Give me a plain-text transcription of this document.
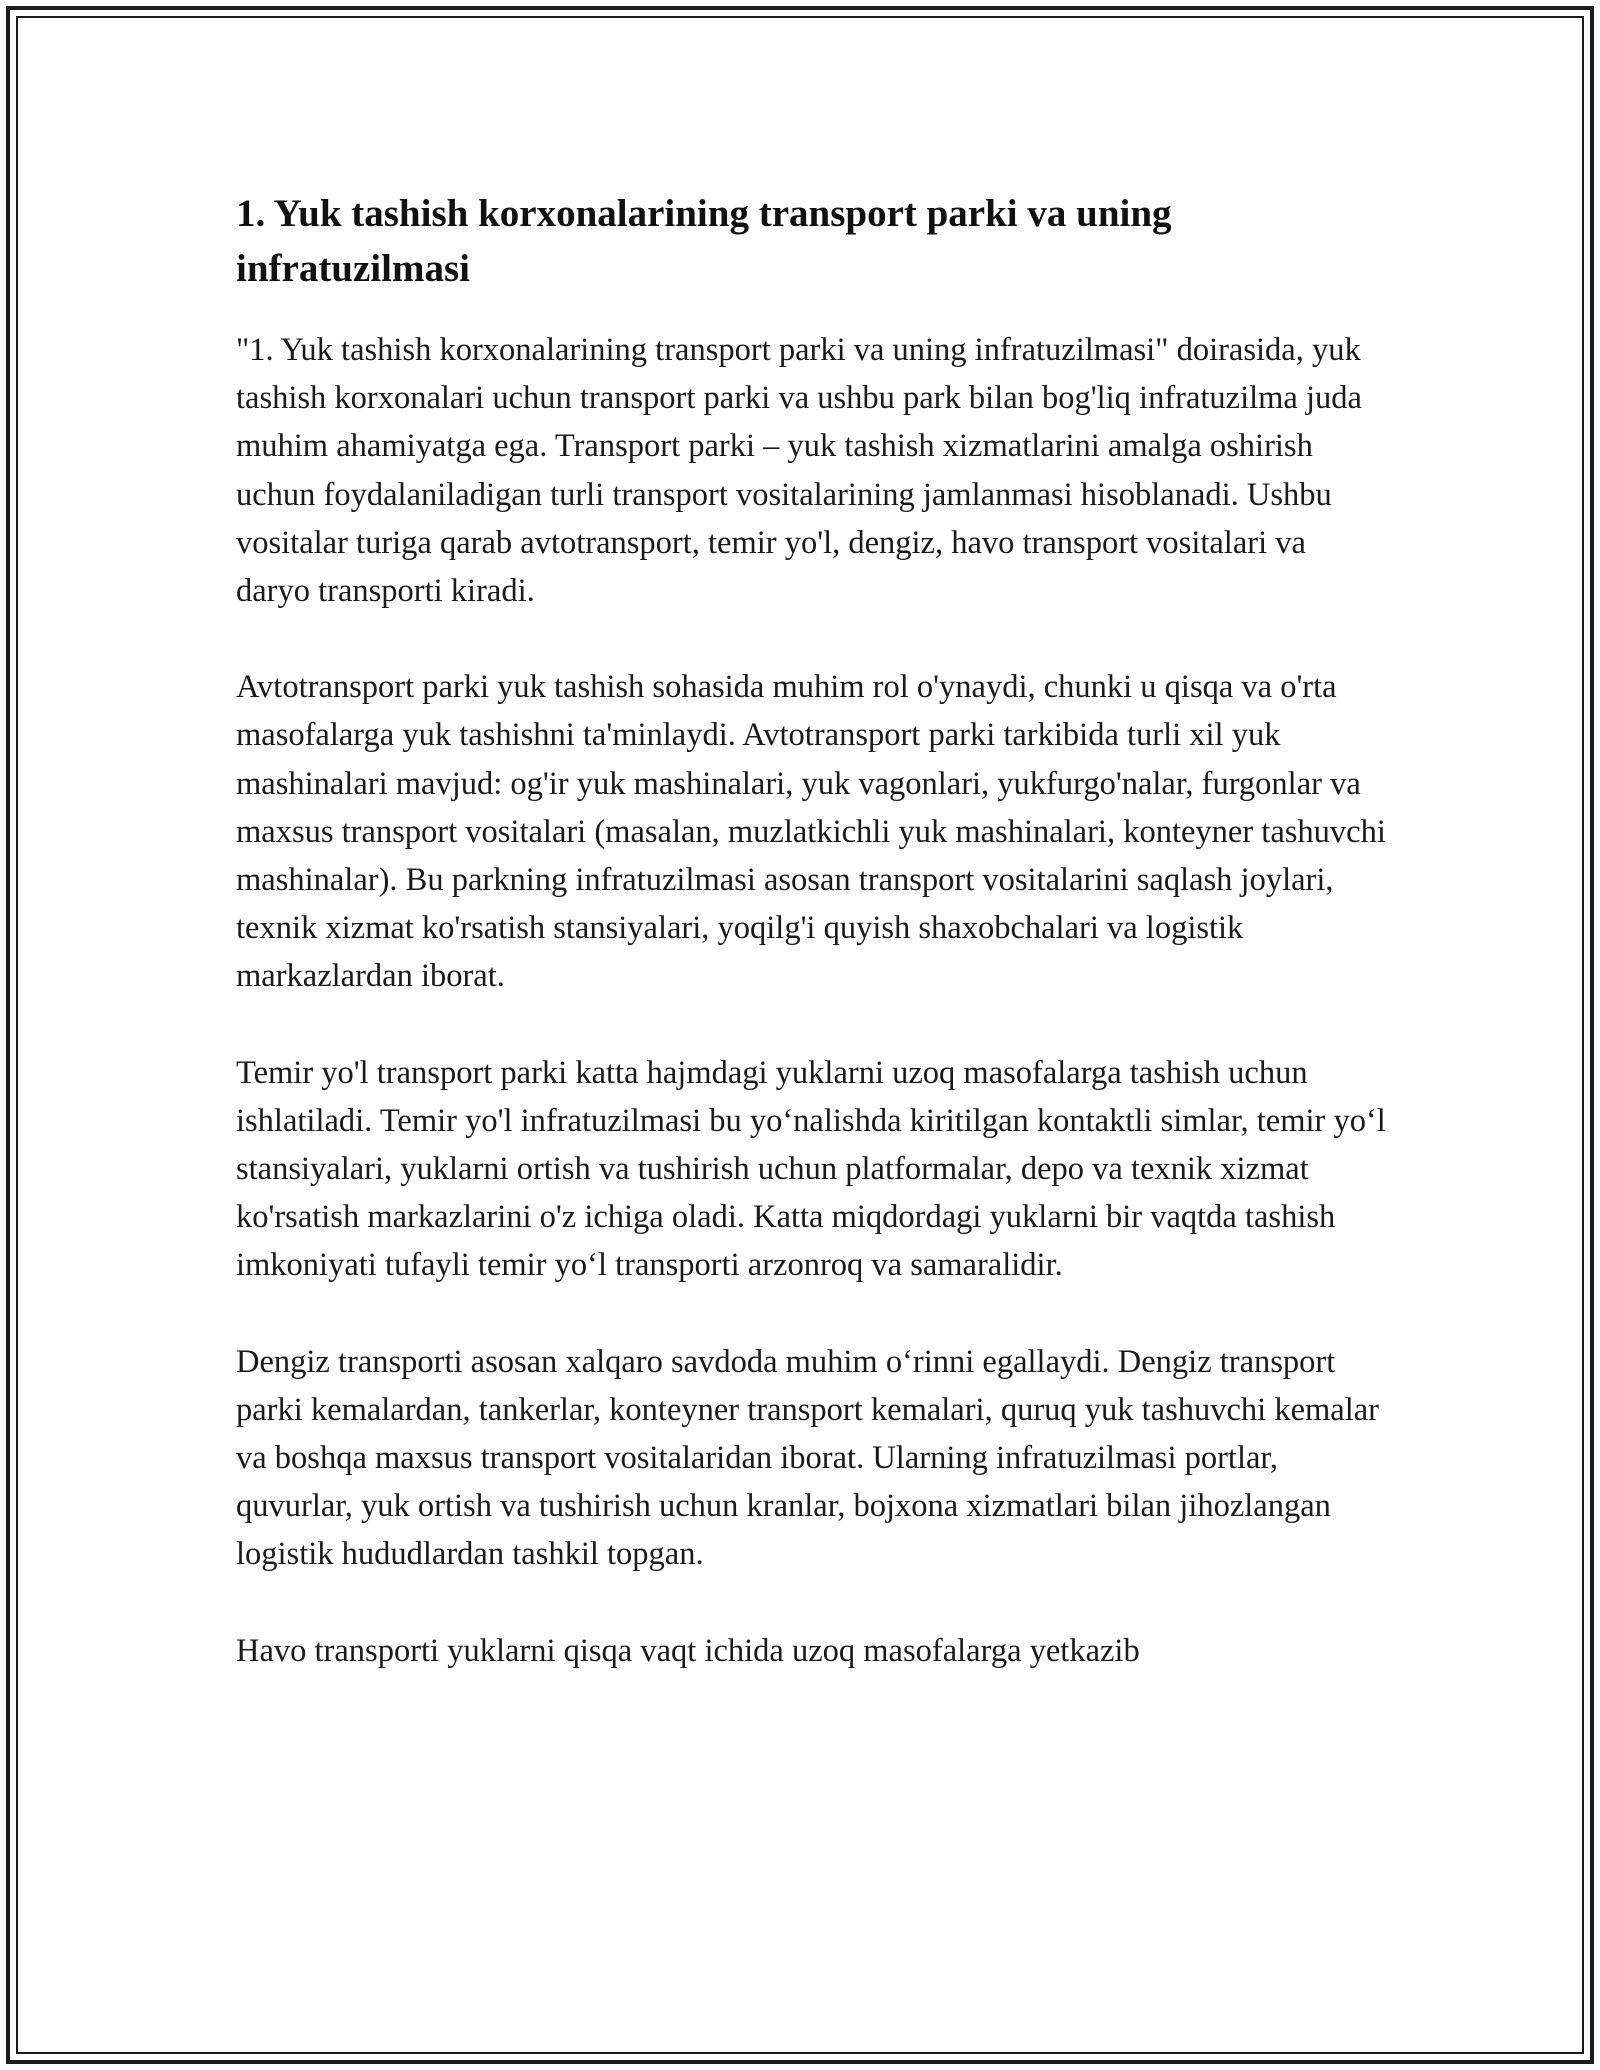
1. Yuk tashish korxonalarining transport parki va uning infratuzilmasi

"1. Yuk tashish korxonalarining transport parki va uning infratuzilmasi" doirasida, yuk tashish korxonalari uchun transport parki va ushbu park bilan bog'liq infratuzilma juda muhim ahamiyatga ega. Transport parki – yuk tashish xizmatlarini amalga oshirish uchun foydalaniladigan turli transport vositalarining jamlanmasi hisoblanadi. Ushbu vositalar turiga qarab avtotransport, temir yo'l, dengiz, havo transport vositalari va daryo transporti kiradi.

Avtotransport parki yuk tashish sohasida muhim rol o'ynaydi, chunki u qisqa va o'rta masofalarga yuk tashishni ta'minlaydi. Avtotransport parki tarkibida turli xil yuk mashinalari mavjud: og'ir yuk mashinalari, yuk vagonlari, yukfurgo'nalar, furgonlar va maxsus transport vositalari (masalan, muzlatkichli yuk mashinalari, konteyner tashuvchi mashinalar). Bu parkning infratuzilmasi asosan transport vositalarini saqlash joylari, texnik xizmat ko'rsatish stansiyalari, yoqilg'i quyish shaxobchalari va logistik markazlardan iborat.

Temir yo'l transport parki katta hajmdagi yuklarni uzoq masofalarga tashish uchun ishlatiladi. Temir yo'l infratuzilmasi bu yo‘nalishda kiritilgan kontaktli simlar, temir yo‘l stansiyalari, yuklarni ortish va tushirish uchun platformalar, depo va texnik xizmat ko'rsatish markazlarini o'z ichiga oladi. Katta miqdordagi yuklarni bir vaqtda tashish imkoniyati tufayli temir yo‘l transporti arzonroq va samaralidir.

Dengiz transporti asosan xalqaro savdoda muhim o‘rinni egallaydi. Dengiz transport parki kemalardan, tankerlar, konteyner transport kemalari, quruq yuk tashuvchi kemalar va boshqa maxsus transport vositalaridan iborat. Ularning infratuzilmasi portlar, quvurlar, yuk ortish va tushirish uchun kranlar, bojxona xizmatlari bilan jihozlangan logistik hududlardan tashkil topgan.

Havo transporti yuklarni qisqa vaqt ichida uzoq masofalarga yetkazib
